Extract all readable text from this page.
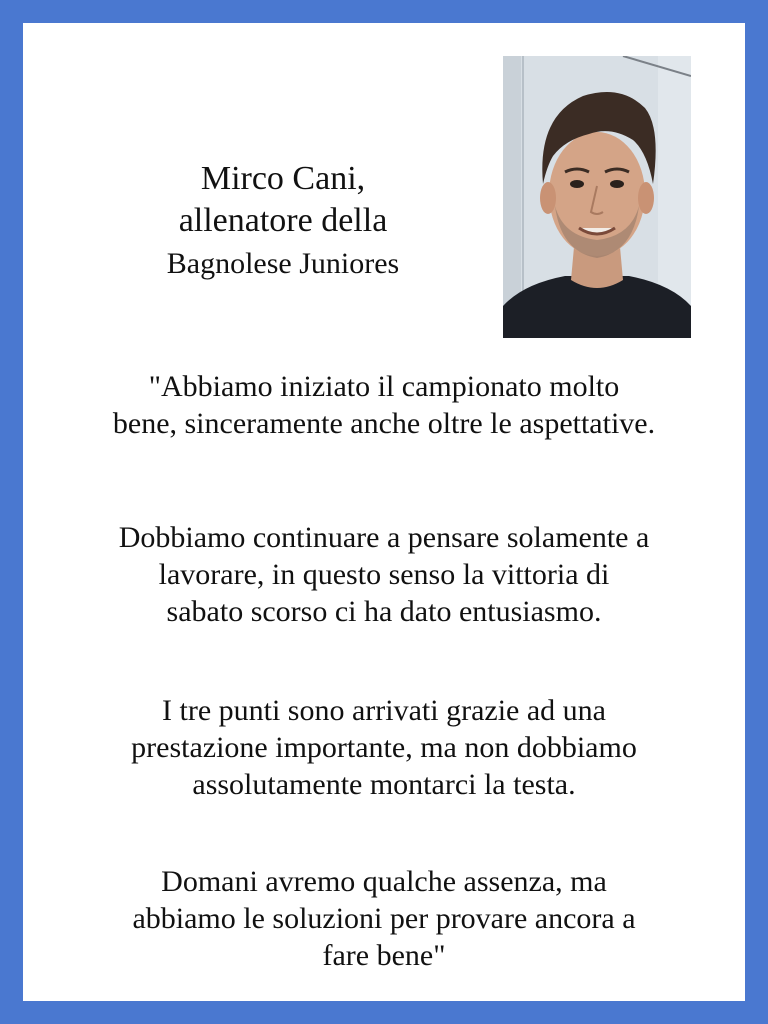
Mirco Cani,
allenatore della
Bagnolese Juniores
"Abbiamo iniziato il campionato molto
bene, sinceramente anche oltre le aspettative.
Dobbiamo continuare a pensare solamente a
lavorare, in questo senso la vittoria di
sabato scorso ci ha dato entusiasmo.
I tre punti sono arrivati grazie ad una
prestazione importante, ma non dobbiamo
assolutamente montarci la testa.
Domani avremo qualche assenza, ma
abbiamo le soluzioni per provare ancora a
fare bene"
